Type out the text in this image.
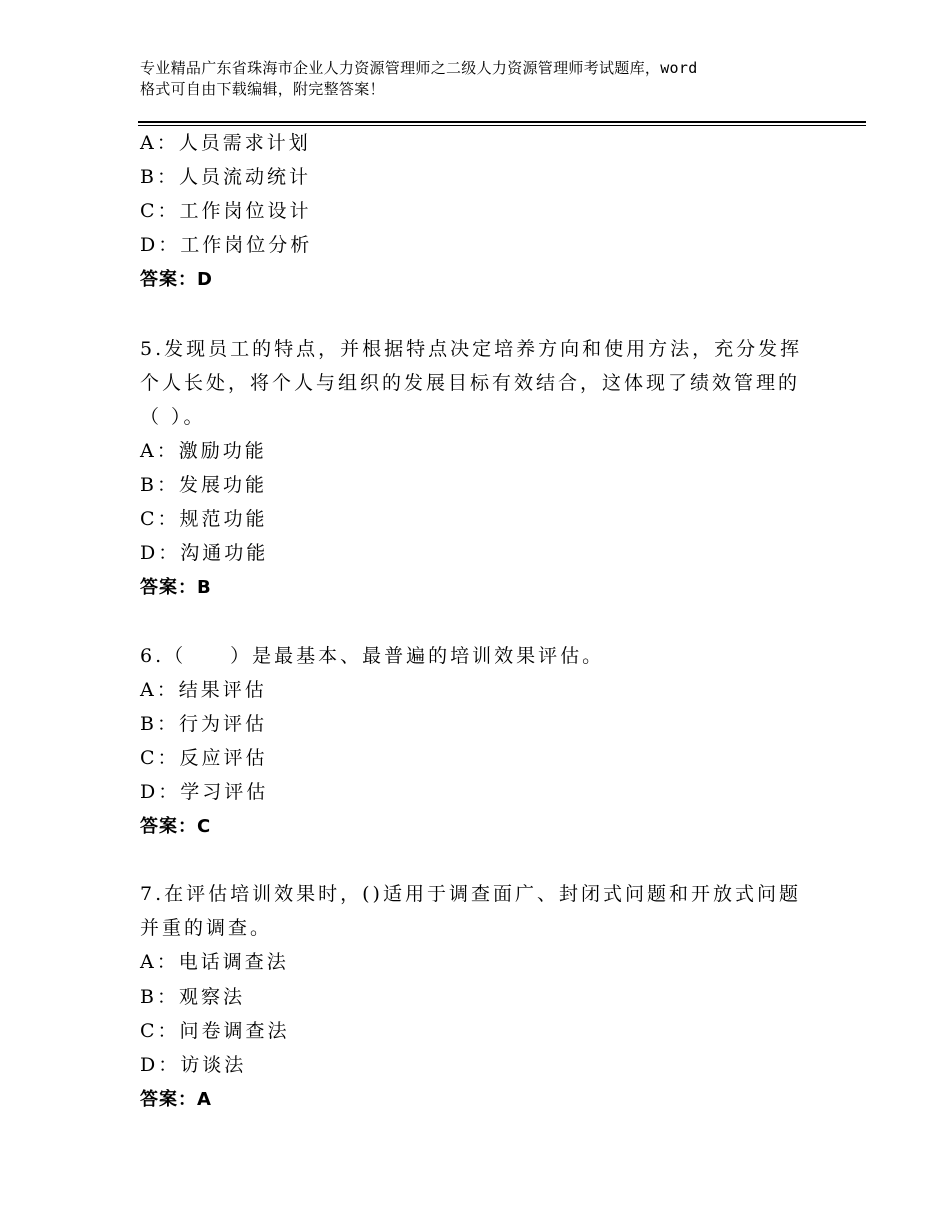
专业精品广东省珠海市企业人力资源管理师之二级人力资源管理师考试题库，word
格式可自由下载编辑，附完整答案！
A：人员需求计划
B：人员流动统计
C：工作岗位设计
D：工作岗位分析
答案：D
5.发现员工的特点，并根据特点决定培养方向和使用方法，充分发挥
个人长处，将个人与组织的发展目标有效结合，这体现了绩效管理的
（ ）。
A：激励功能
B：发展功能
C：规范功能
D：沟通功能
答案：B
6.（　　）是最基本、最普遍的培训效果评估。
A：结果评估
B：行为评估
C：反应评估
D：学习评估
答案：C
7.在评估培训效果时，()适用于调查面广、封闭式问题和开放式问题
并重的调查。
A：电话调查法
B：观察法
C：问卷调查法
D：访谈法
答案：A
